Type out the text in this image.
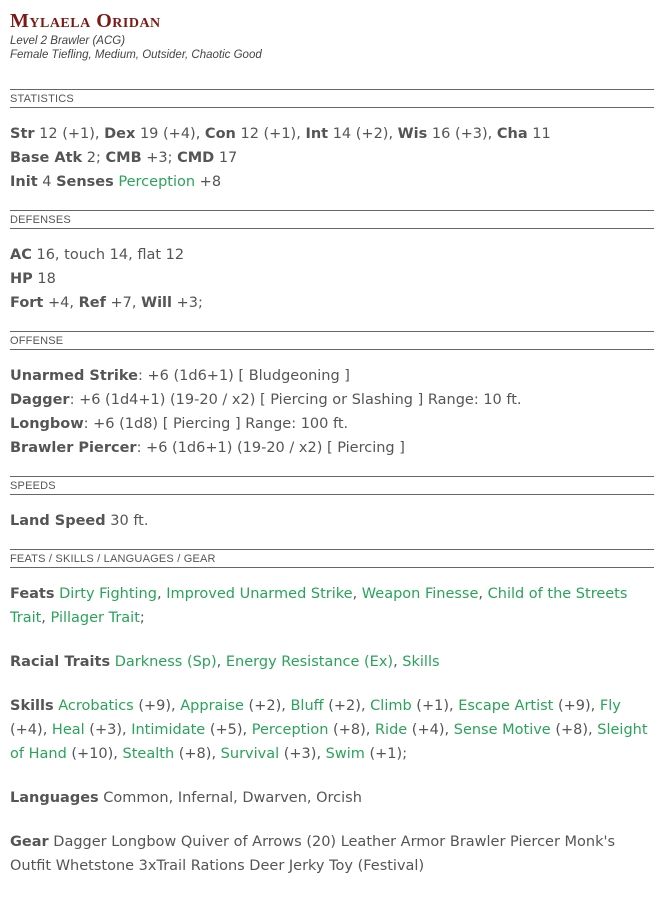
Mylaela Oridan
Level 2 Brawler (ACG)
Female Tiefling, Medium, Outsider, Chaotic Good
STATISTICS

Str 12 (+1), Dex 19 (+4), Con 12 (+1), Int 14 (+2), Wis 16 (+3), Cha 11

Base Atk 2; CMB +3; CMD 17

Init 4 Senses Perception +8

DEFENSES

AC 16, touch 14, flat 12

HP 18

Fort +4, Ref +7, Will +3;

OFFENSE

Unarmed Strike: +6 (1d6+1) [ Bludgeoning ]

Dagger: +6 (1d4+1) (19-20 / x2) [ Piercing or Slashing ] Range: 10 ft.

Longbow: +6 (1d8) [ Piercing ] Range: 100 ft.

Brawler Piercer: +6 (1d6+1) (19-20 / x2) [ Piercing ]

SPEEDS

Land Speed 30 ft.

FEATS / SKILLS / LANGUAGES / GEAR

Feats Dirty Fighting, Improved Unarmed Strike, Weapon Finesse, Child of the Streets Trait, Pillager Trait;

Racial Traits Darkness (Sp), Energy Resistance (Ex), Skills

Skills Acrobatics (+9), Appraise (+2), Bluff (+2), Climb (+1), Escape Artist (+9), Fly (+4), Heal (+3), Intimidate (+5), Perception (+8), Ride (+4), Sense Motive (+8), Sleight of Hand (+10), Stealth (+8), Survival (+3), Swim (+1);

Languages Common, Infernal, Dwarven, Orcish

Gear Dagger Longbow Quiver of Arrows (20) Leather Armor Brawler Piercer Monk's Outfit Whetstone 3xTrail Rations Deer Jerky Toy (Festival)
